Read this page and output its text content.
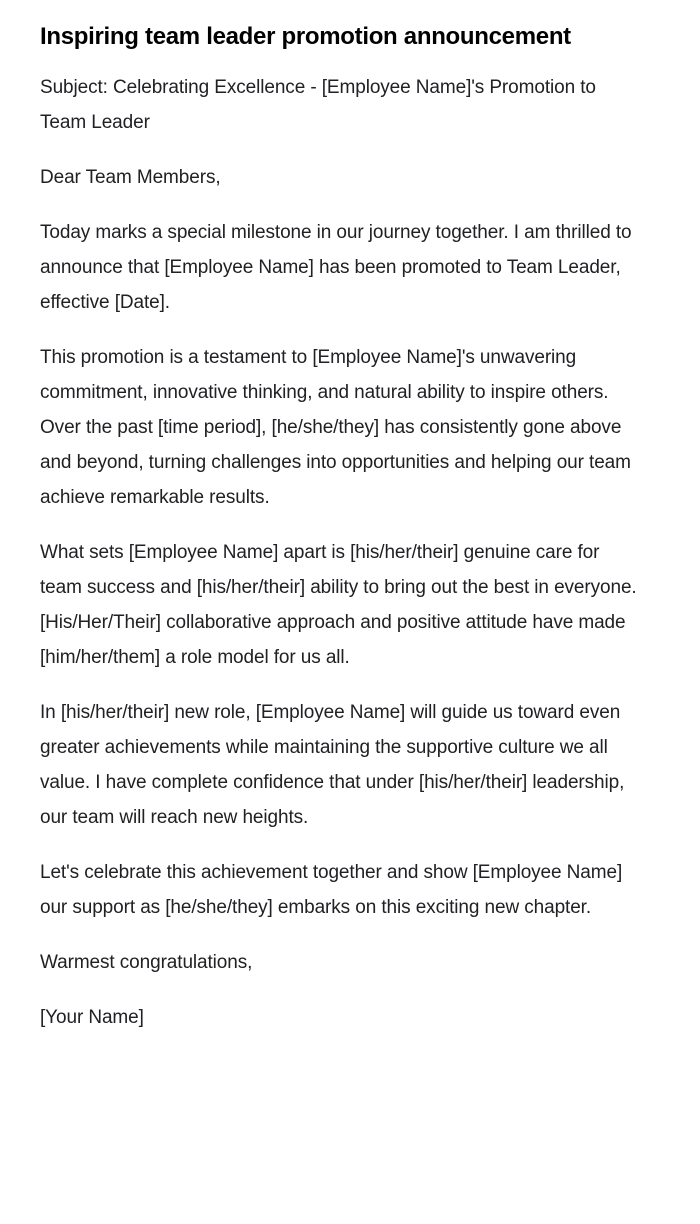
Inspiring team leader promotion announcement

Subject: Celebrating Excellence - [Employee Name]'s Promotion to Team Leader

Dear Team Members,

Today marks a special milestone in our journey together. I am thrilled to announce that [Employee Name] has been promoted to Team Leader, effective [Date].

This promotion is a testament to [Employee Name]'s unwavering commitment, innovative thinking, and natural ability to inspire others. Over the past [time period], [he/she/they] has consistently gone above and beyond, turning challenges into opportunities and helping our team achieve remarkable results.

What sets [Employee Name] apart is [his/her/their] genuine care for team success and [his/her/their] ability to bring out the best in everyone. [His/Her/Their] collaborative approach and positive attitude have made [him/her/them] a role model for us all.

In [his/her/their] new role, [Employee Name] will guide us toward even greater achievements while maintaining the supportive culture we all value. I have complete confidence that under [his/her/their] leadership, our team will reach new heights.

Let's celebrate this achievement together and show [Employee Name] our support as [he/she/they] embarks on this exciting new chapter.

Warmest congratulations,

[Your Name]
